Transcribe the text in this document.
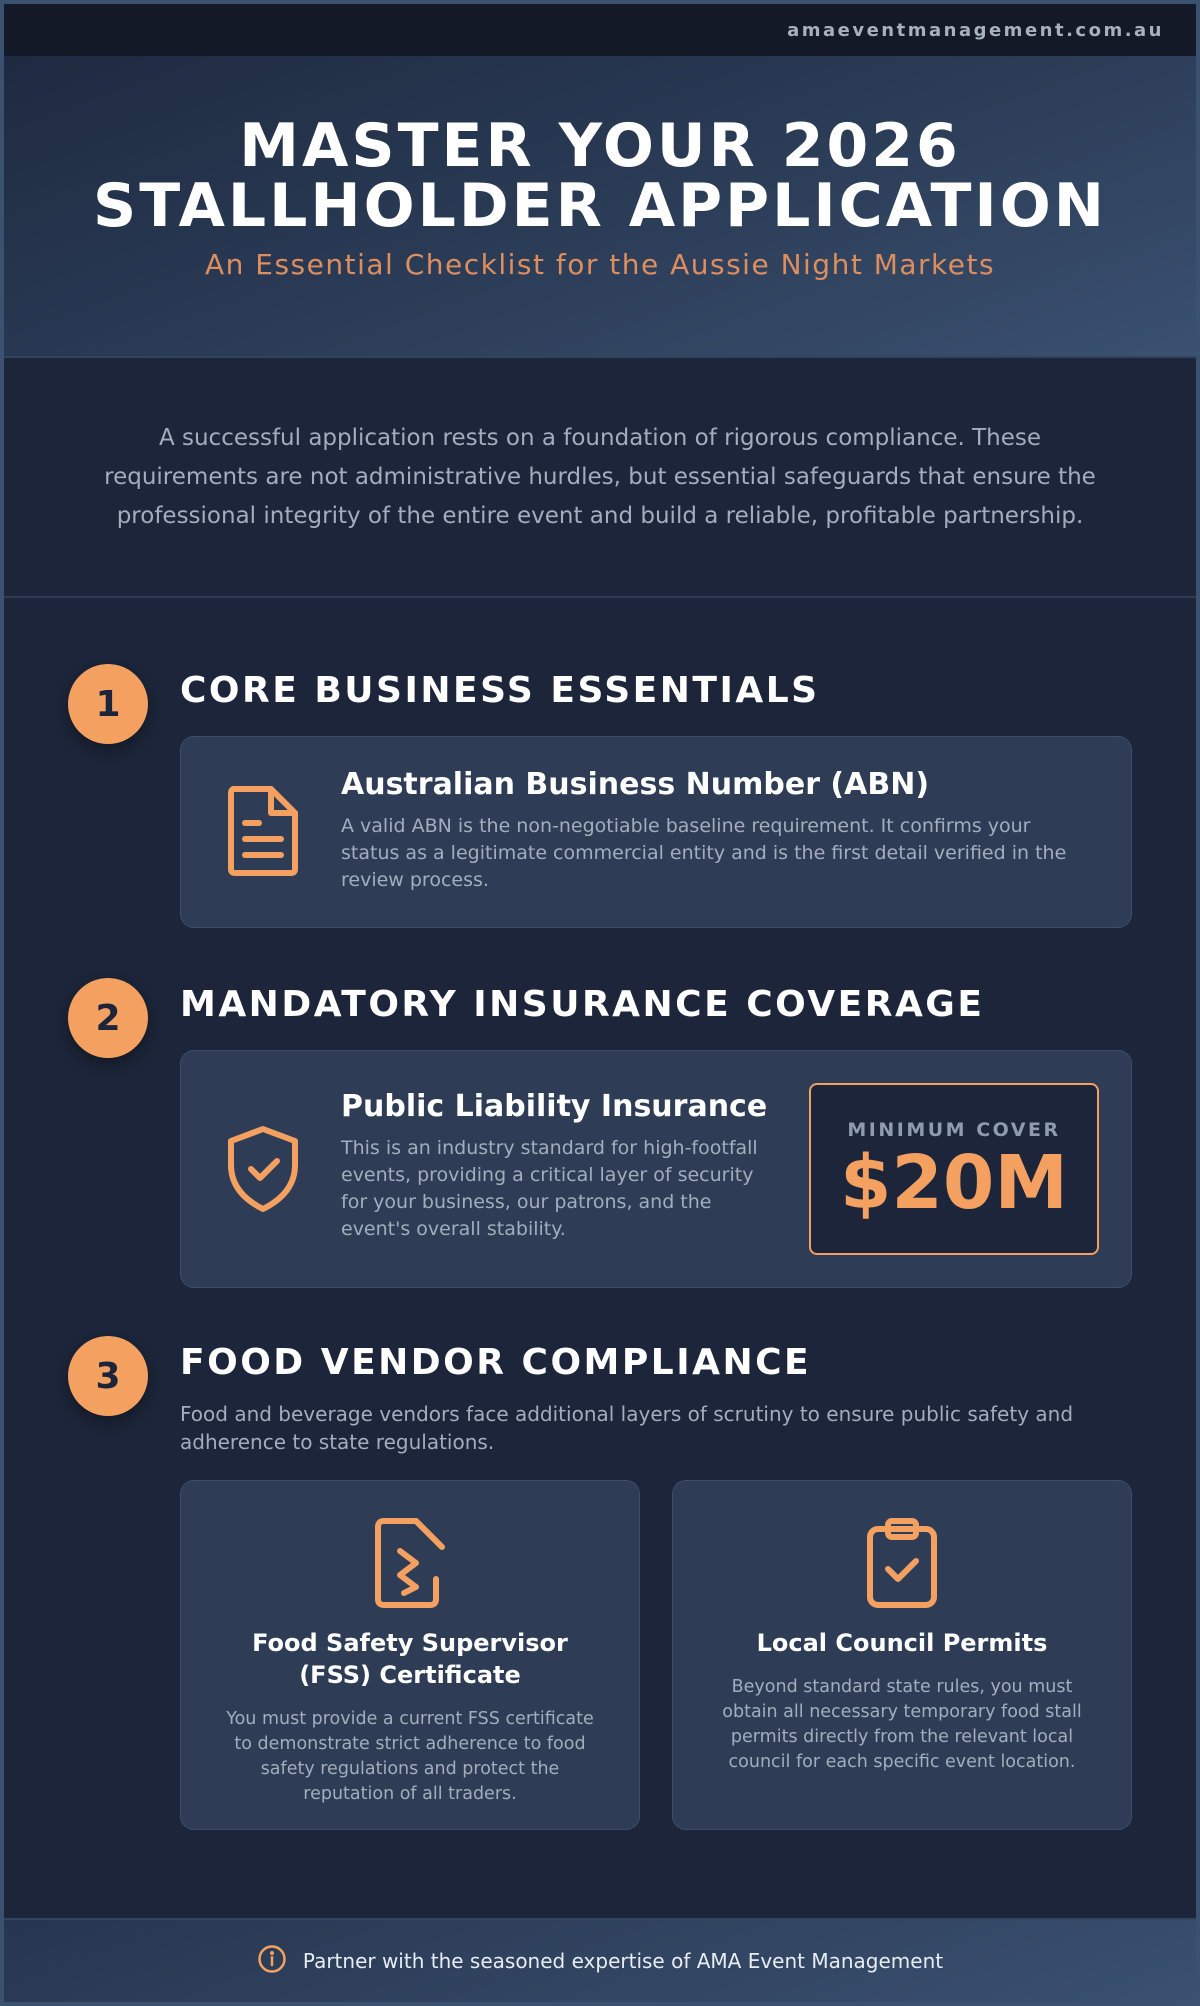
amaeventmanagement.com.au
MASTER YOUR 2026
STALLHOLDER APPLICATION
An Essential Checklist for the Aussie Night Markets

A successful application rests on a foundation of rigorous compliance. These requirements are not administrative hurdles, but essential safeguards that ensure the professional integrity of the entire event and build a reliable, profitable partnership.

1	CORE BUSINESS ESSENTIALS
Australian Business Number (ABN)
A valid ABN is the non-negotiable baseline requirement. It confirms your status as a legitimate commercial entity and is the first detail verified in the review process.
2	MANDATORY INSURANCE COVERAGE
Public Liability Insurance
This is an industry standard for high-footfall events, providing a critical layer of security for your business, our patrons, and the event's overall stability.
MINIMUM COVER
$20M
3	FOOD VENDOR COMPLIANCE
Food and beverage vendors face additional layers of scrutiny to ensure public safety and adherence to state regulations.
Food Safety Supervisor
(FSS) Certificate
You must provide a current FSS certificate to demonstrate strict adherence to food safety regulations and protect the reputation of all traders.
Local Council Permits
Beyond standard state rules, you must obtain all necessary temporary food stall permits directly from the relevant local council for each specific event location.
Partner with the seasoned expertise of AMA Event Management
